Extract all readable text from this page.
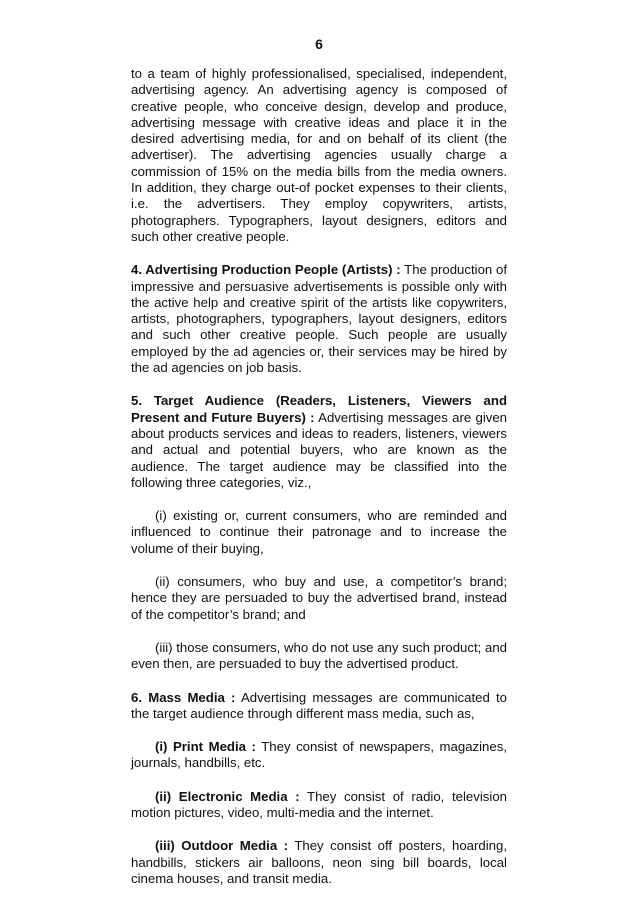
6

to a team of highly professionalised, specialised, independent, advertising agency. An advertising agency is composed of creative people, who conceive design, develop and produce, advertising message with creative ideas and place it in the desired advertising media, for and on behalf of its client (the advertiser). The advertising agencies usually charge a commission of 15% on the media bills from the media owners. In addition, they charge out-of pocket expenses to their clients, i.e. the advertisers. They employ copywriters, artists, photographers. Typographers, layout designers, editors and such other creative people.

4. Advertising Production People (Artists) : The production of impressive and persuasive advertisements is possible only with the active help and creative spirit of the artists like copywriters, artists, photographers, typographers, layout designers, editors and such other creative people. Such people are usually employed by the ad agencies or, their services may be hired by the ad agencies on job basis.

5. Target Audience (Readers, Listeners, Viewers and Present and Future Buyers) : Advertising messages are given about products services and ideas to readers, listeners, viewers and actual and potential buyers, who are known as the audience. The target audience may be classified into the following three categories, viz.,

(i) existing or, current consumers, who are reminded and influenced to continue their patronage and to increase the volume of their buying,

(ii) consumers, who buy and use, a competitor’s brand; hence they are persuaded to buy the advertised brand, instead of the competitor’s brand; and

(iii) those consumers, who do not use any such product; and even then, are persuaded to buy the advertised product.

6. Mass Media : Advertising messages are communicated to the target audience through different mass media, such as,

(i) Print Media : They consist of newspapers, magazines, journals, handbills, etc.

(ii) Electronic Media : They consist of radio, television motion pictures, video, multi-media and the internet.

(iii) Outdoor Media : They consist off posters, hoarding, handbills, stickers air balloons, neon sing bill boards, local cinema houses, and transit media.
